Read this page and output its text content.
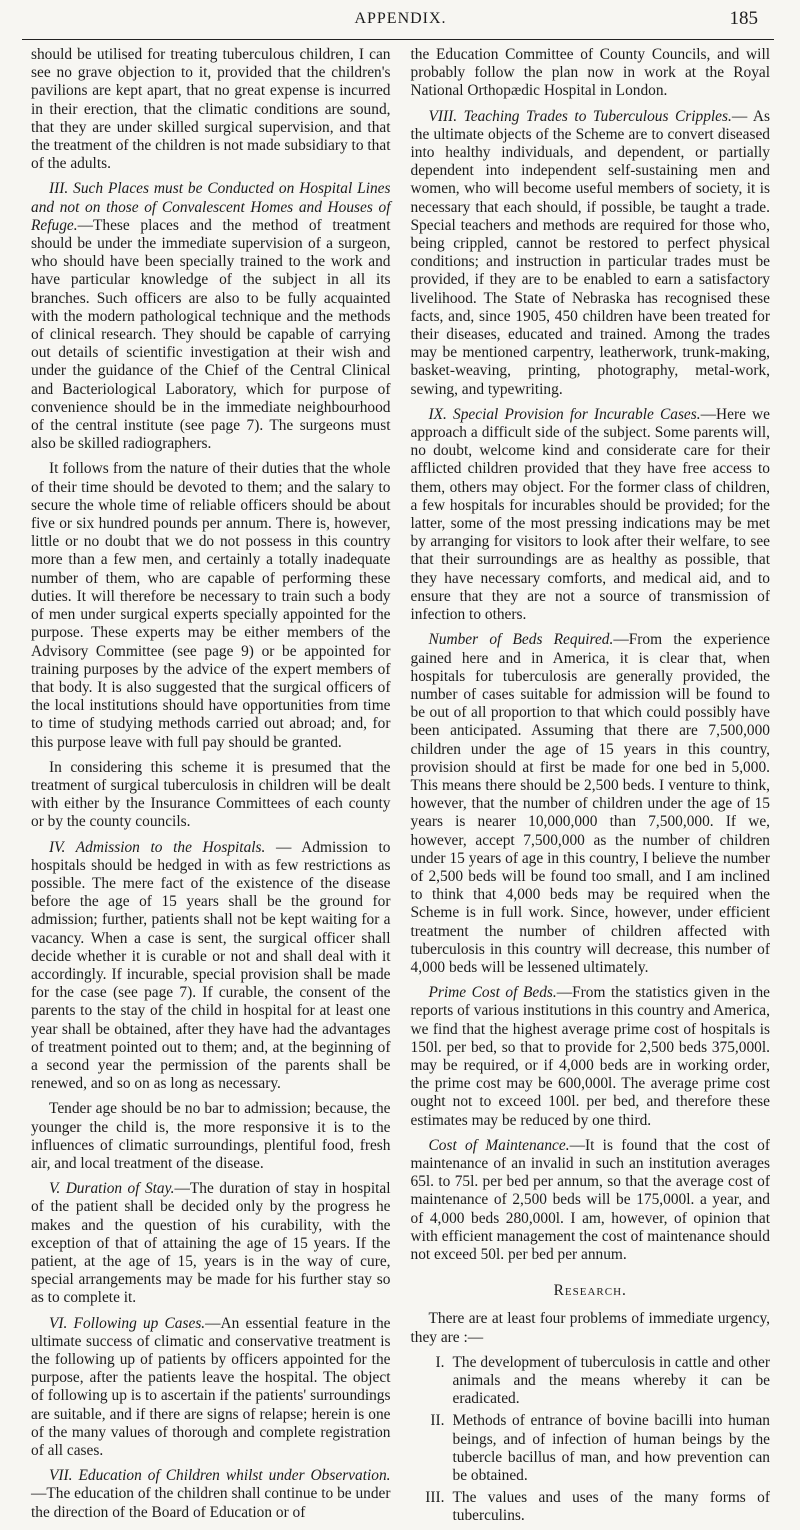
APPENDIX.	185

should be utilised for treating tuberculous children, I can see no grave objection to it, provided that the children's pavilions are kept apart, that no great expense is incurred in their erection, that the climatic conditions are sound, that they are under skilled surgical supervision, and that the treatment of the children is not made subsidiary to that of the adults.

III. Such Places must be Conducted on Hospital Lines and not on those of Convalescent Homes and Houses of Refuge.—These places and the method of treatment should be under the immediate supervision of a surgeon, who should have been specially trained to the work and have particular knowledge of the subject in all its branches. Such officers are also to be fully acquainted with the modern pathological technique and the methods of clinical research. They should be capable of carrying out details of scientific investigation at their wish and under the guidance of the Chief of the Central Clinical and Bacteriological Laboratory, which for purpose of convenience should be in the immediate neighbourhood of the central institute (see page 7). The surgeons must also be skilled radiographers.

It follows from the nature of their duties that the whole of their time should be devoted to them; and the salary to secure the whole time of reliable officers should be about five or six hundred pounds per annum. There is, however, little or no doubt that we do not possess in this country more than a few men, and certainly a totally inadequate number of them, who are capable of performing these duties. It will therefore be necessary to train such a body of men under surgical experts specially appointed for the purpose. These experts may be either members of the Advisory Committee (see page 9) or be appointed for training purposes by the advice of the expert members of that body. It is also suggested that the surgical officers of the local institutions should have opportunities from time to time of studying methods carried out abroad; and, for this purpose leave with full pay should be granted.

In considering this scheme it is presumed that the treatment of surgical tuberculosis in children will be dealt with either by the Insurance Committees of each county or by the county councils.

IV. Admission to the Hospitals. — Admission to hospitals should be hedged in with as few restrictions as possible. The mere fact of the existence of the disease before the age of 15 years shall be the ground for admission; further, patients shall not be kept waiting for a vacancy. When a case is sent, the surgical officer shall decide whether it is curable or not and shall deal with it accordingly. If incurable, special provision shall be made for the case (see page 7). If curable, the consent of the parents to the stay of the child in hospital for at least one year shall be obtained, after they have had the advantages of treatment pointed out to them; and, at the beginning of a second year the permission of the parents shall be renewed, and so on as long as necessary.

Tender age should be no bar to admission; because, the younger the child is, the more responsive it is to the influences of climatic surroundings, plentiful food, fresh air, and local treatment of the disease.

V. Duration of Stay.—The duration of stay in hospital of the patient shall be decided only by the progress he makes and the question of his curability, with the exception of that of attaining the age of 15 years. If the patient, at the age of 15, years is in the way of cure, special arrangements may be made for his further stay so as to complete it.

VI. Following up Cases.—An essential feature in the ultimate success of climatic and conservative treatment is the following up of patients by officers appointed for the purpose, after the patients leave the hospital. The object of following up is to ascertain if the patients' surroundings are suitable, and if there are signs of relapse; herein is one of the many values of thorough and complete registration of all cases.

VII. Education of Children whilst under Observation. —The education of the children shall continue to be under the direction of the Board of Education or of

the Education Committee of County Councils, and will probably follow the plan now in work at the Royal National Orthopædic Hospital in London.

VIII. Teaching Trades to Tuberculous Cripples.— As the ultimate objects of the Scheme are to convert diseased into healthy individuals, and dependent, or partially dependent into independent self-sustaining men and women, who will become useful members of society, it is necessary that each should, if possible, be taught a trade. Special teachers and methods are required for those who, being crippled, cannot be restored to perfect physical conditions; and instruction in particular trades must be provided, if they are to be enabled to earn a satisfactory livelihood. The State of Nebraska has recognised these facts, and, since 1905, 450 children have been treated for their diseases, educated and trained. Among the trades may be mentioned carpentry, leatherwork, trunk-making, basket-weaving, printing, photography, metal-work, sewing, and typewriting.

IX. Special Provision for Incurable Cases.—Here we approach a difficult side of the subject. Some parents will, no doubt, welcome kind and considerate care for their afflicted children provided that they have free access to them, others may object. For the former class of children, a few hospitals for incurables should be provided; for the latter, some of the most pressing indications may be met by arranging for visitors to look after their welfare, to see that their surroundings are as healthy as possible, that they have necessary comforts, and medical aid, and to ensure that they are not a source of transmission of infection to others.

Number of Beds Required.—From the experience gained here and in America, it is clear that, when hospitals for tuberculosis are generally provided, the number of cases suitable for admission will be found to be out of all proportion to that which could possibly have been anticipated. Assuming that there are 7,500,000 children under the age of 15 years in this country, provision should at first be made for one bed in 5,000. This means there should be 2,500 beds. I venture to think, however, that the number of children under the age of 15 years is nearer 10,000,000 than 7,500,000. If we, however, accept 7,500,000 as the number of children under 15 years of age in this country, I believe the number of 2,500 beds will be found too small, and I am inclined to think that 4,000 beds may be required when the Scheme is in full work. Since, however, under efficient treatment the number of children affected with tuberculosis in this country will decrease, this number of 4,000 beds will be lessened ultimately.

Prime Cost of Beds.—From the statistics given in the reports of various institutions in this country and America, we find that the highest average prime cost of hospitals is 150l. per bed, so that to provide for 2,500 beds 375,000l. may be required, or if 4,000 beds are in working order, the prime cost may be 600,000l. The average prime cost ought not to exceed 100l. per bed, and therefore these estimates may be reduced by one third.

Cost of Maintenance.—It is found that the cost of maintenance of an invalid in such an institution averages 65l. to 75l. per bed per annum, so that the average cost of maintenance of 2,500 beds will be 175,000l. a year, and of 4,000 beds 280,000l. I am, however, of opinion that with efficient management the cost of maintenance should not exceed 50l. per bed per annum.

Research.

There are at least four problems of immediate urgency, they are :—

I. The development of tuberculosis in cattle and other animals and the means whereby it can be eradicated.
II. Methods of entrance of bovine bacilli into human beings, and of infection of human beings by the tubercle bacillus of man, and how prevention can be obtained.
III. The values and uses of the many forms of tuberculins.
